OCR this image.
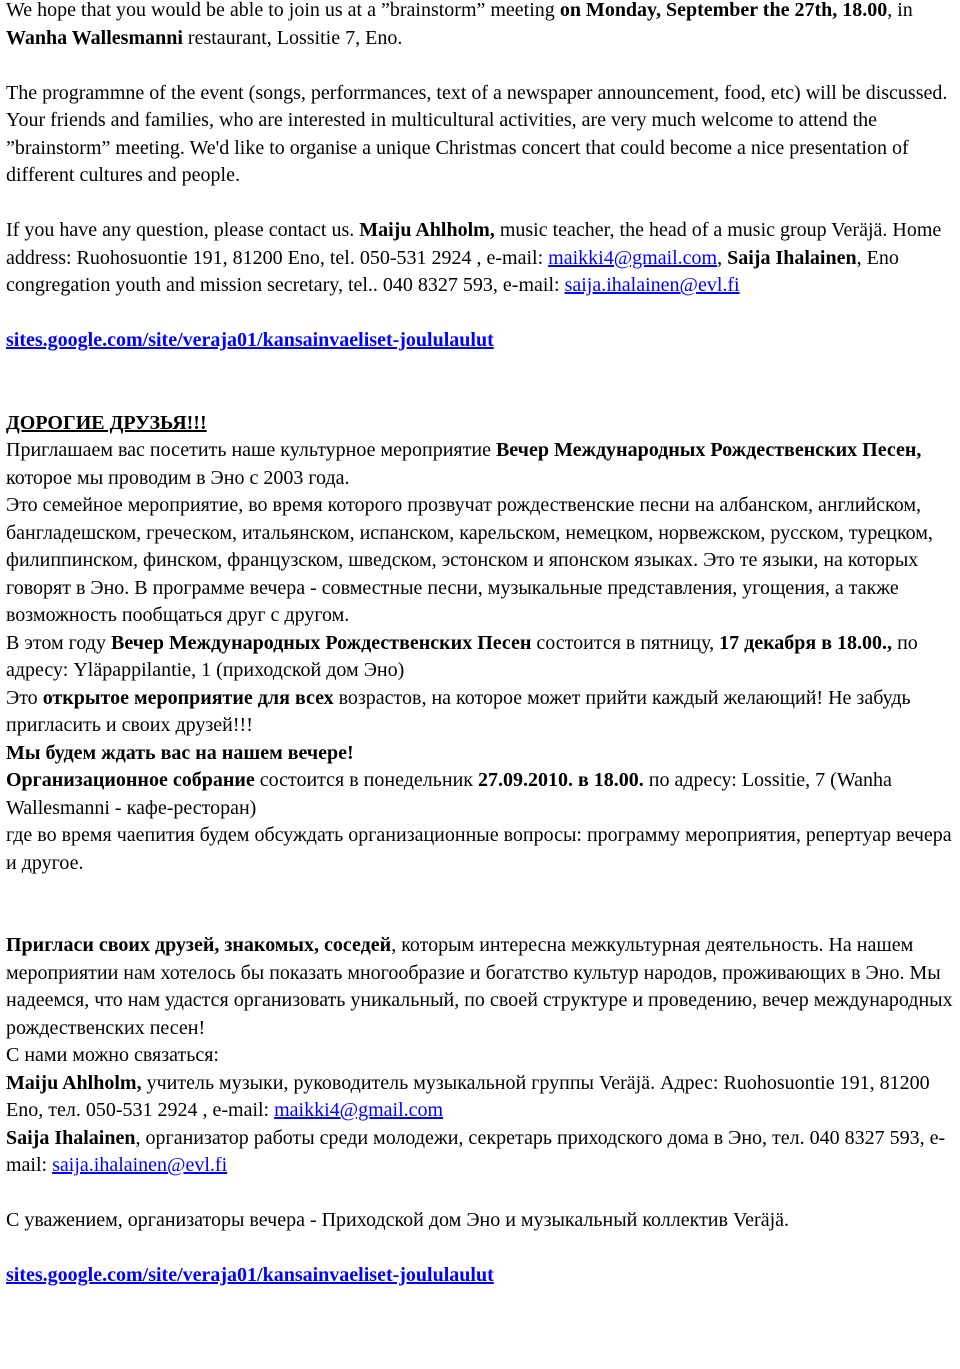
We hope that you would be able to join us at a ”brainstorm” meeting on Monday, September the 27th, 18.00, in Wanha Wallesmanni restaurant, Lossitie 7, Eno.

The programmne of the event (songs, perforrmances, text of a newspaper announcement, food, etc) will be discussed. Your friends and families, who are interested in multicultural activities, are very much welcome to attend the ”brainstorm” meeting. We'd like to organise a unique Christmas concert that could become a nice presentation of different cultures and people.

If you have any question, please contact us. Maiju Ahlholm, music teacher, the head of a music group Veräjä. Home address: Ruohosuontie 191, 81200 Eno, tel. 050-531 2924 , e-mail: maikki4@gmail.com, Saija Ihalainen, Eno congregation youth and mission secretary, tel.. 040 8327 593, e-mail: saija.ihalainen@evl.fi

sites.google.com/site/veraja01/kansainvaeliset-joululaulut

ДОРОГИЕ ДРУЗЬЯ!!!

Приглашаем вас посетить наше культурное мероприятие Вечер Международных Рождественских Песен, которое мы проводим в Эно с 2003 года.

Это семейное мероприятие, во время которого прозвучат рождественские песни на албанском, английском, бангладешском, греческом, итальянском, испанском, карельском, немецком, норвежском, русском, турецком, филиппинском, финском, французском, шведском, эстонском и японском языках. Это те языки, на которых говорят в Эно. В программе вечера - совместные песни, музыкальные представления, угощения, а также возможность пообщаться друг с другом.

В этом году Вечер Международных Рождественских Песен состоится в пятницу, 17 декабря в 18.00., по адресу: Yläpappilantie, 1 (приходской дом Эно)

Это открытое мероприятие для всех возрастов, на которое может прийти каждый желающий! Не забудь пригласить и своих друзей!!!

Мы будем ждать вас на нашем вечере!

Организационное собрание состоится в понедельник 27.09.2010. в 18.00. по адресу: Lossitie, 7 (Wanha Wallesmanni - кафе-ресторан)

где во время чаепития будем обсуждать организационные вопросы: программу мероприятия, репертуар вечера и другое.

Пригласи своих друзей, знакомых, соседей, которым интересна межкультурная деятельность. На нашем мероприятии нам хотелось бы показать многообразие и богатство культур народов, проживающих в Эно. Мы надеемся, что нам удастся организовать уникальный, по своей структуре и проведению, вечер международных рождественских песен!

С нами можно связаться:

Maiju Ahlholm, учитель музыки, руководитель музыкальной группы Veräjä. Адрес: Ruohosuontie 191, 81200 Eno, тел. 050-531 2924 , e-mail: maikki4@gmail.com

Saija Ihalainen, организатор работы среди молодежи, секретарь приходского дома в Эно, тел. 040 8327 593, e-mail: saija.ihalainen@evl.fi

С уважением, организаторы вечера - Приходской дом Эно и музыкальный коллектив Veräjä.

sites.google.com/site/veraja01/kansainvaeliset-joululaulut
